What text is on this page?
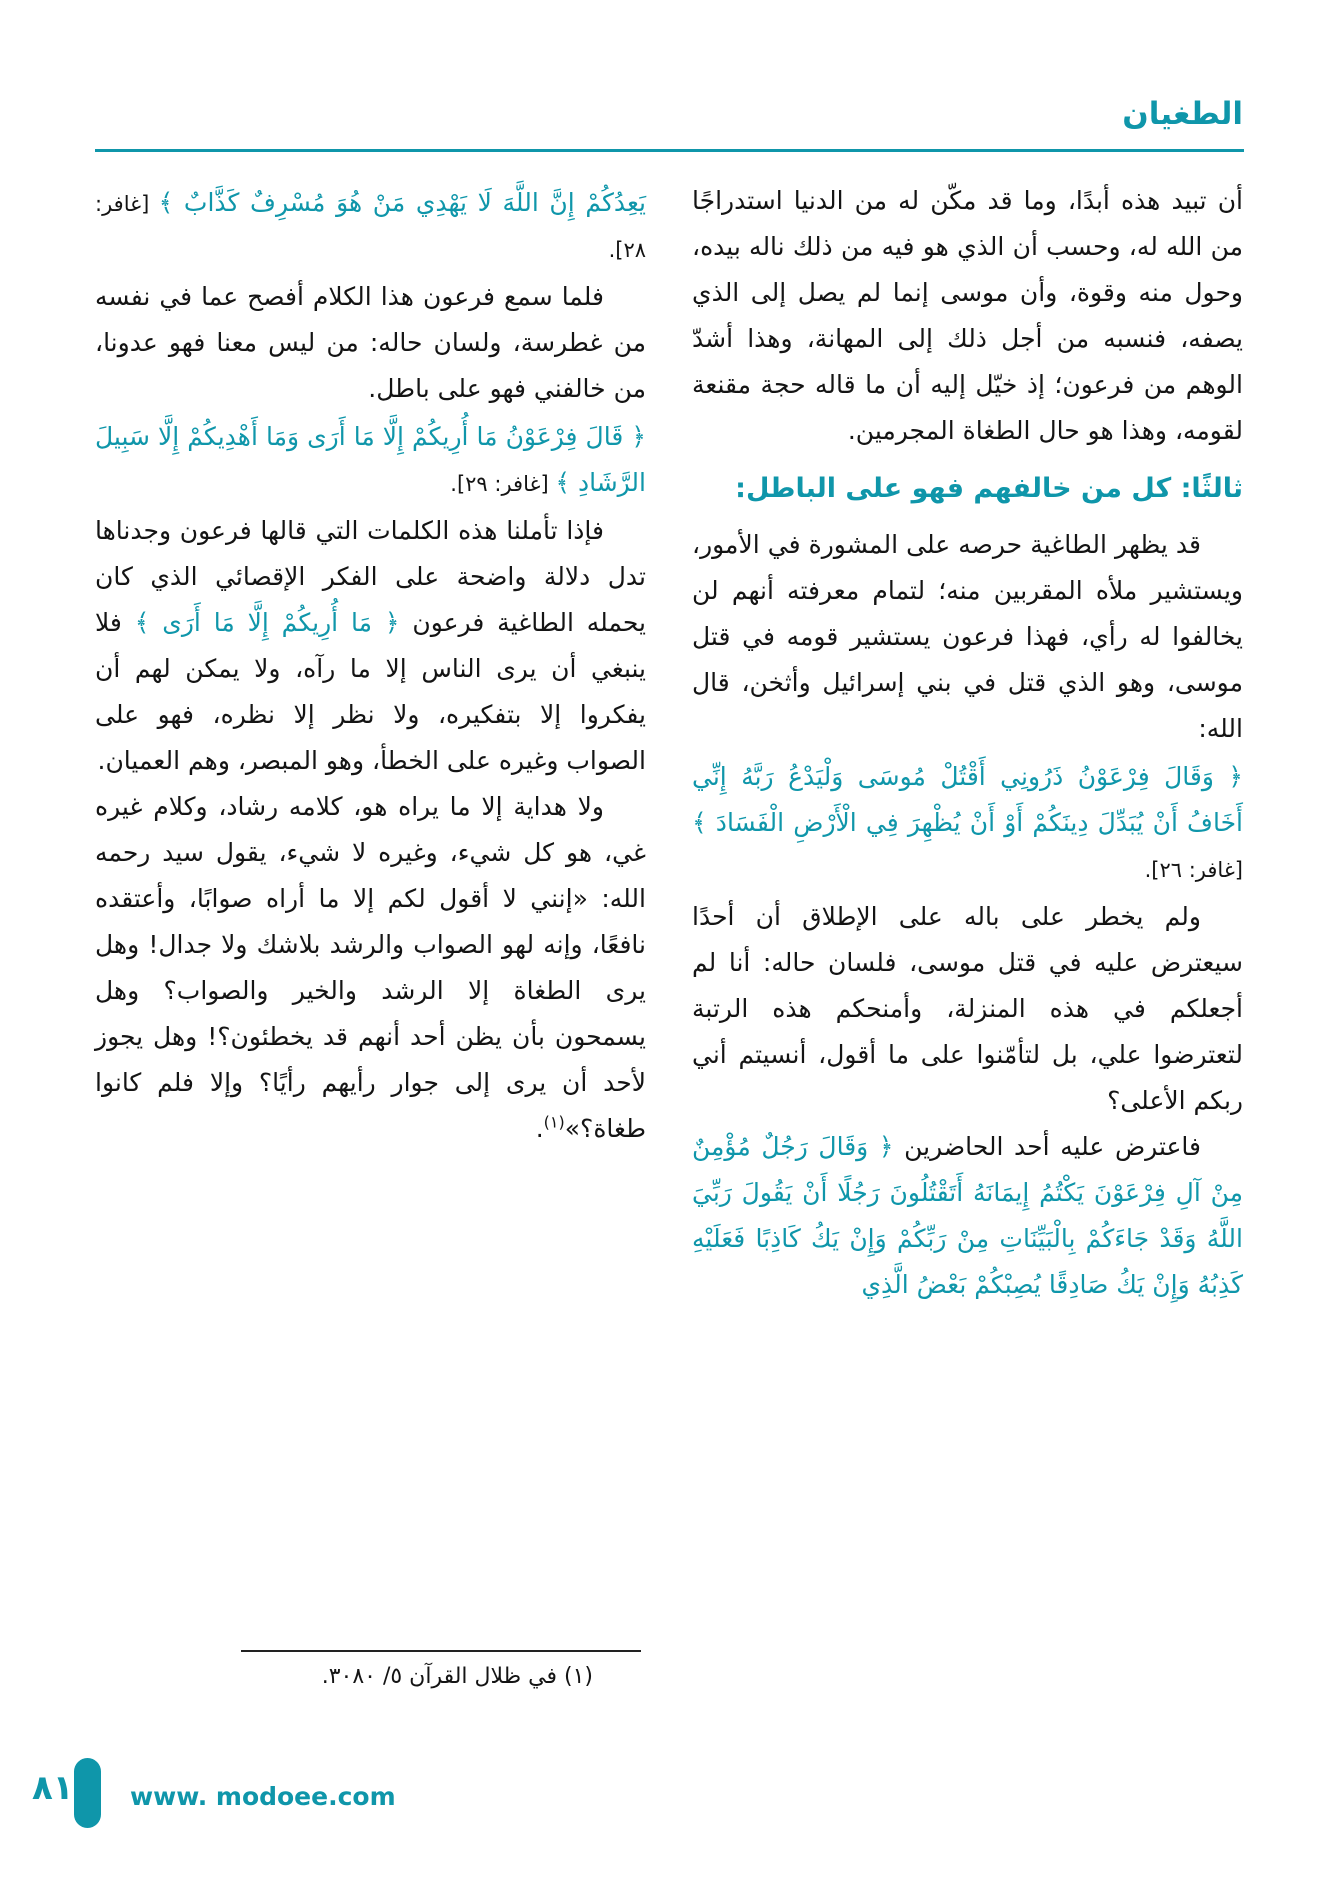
الطغيان

أن تبيد هذه أبدًا، وما قد مكّن له من الدنيا استدراجًا من الله له، وحسب أن الذي هو فيه من ذلك ناله بيده، وحول منه وقوة، وأن موسى إنما لم يصل إلى الذي يصفه، فنسبه من أجل ذلك إلى المهانة، وهذا أشدّ الوهم من فرعون؛ إذ خيّل إليه أن ما قاله حجة مقنعة لقومه، وهذا هو حال الطغاة المجرمين.

ثالثًا: كل من خالفهم فهو على الباطل:

قد يظهر الطاغية حرصه على المشورة في الأمور، ويستشير ملأه المقربين منه؛ لتمام معرفته أنهم لن يخالفوا له رأي، فهذا فرعون يستشير قومه في قتل موسى، وهو الذي قتل في بني إسرائيل وأثخن، قال الله:

﴿ وَقَالَ فِرْعَوْنُ ذَرُونِي أَقْتُلْ مُوسَى وَلْيَدْعُ رَبَّهُ إِنِّي أَخَافُ أَنْ يُبَدِّلَ دِينَكُمْ أَوْ أَنْ يُظْهِرَ فِي الْأَرْضِ الْفَسَادَ ﴾ [غافر: ٢٦].

ولم يخطر على باله على الإطلاق أن أحدًا سيعترض عليه في قتل موسى، فلسان حاله: أنا لم أجعلكم في هذه المنزلة، وأمنحكم هذه الرتبة لتعترضوا علي، بل لتأمّنوا على ما أقول، أنسيتم أني ربكم الأعلى؟

فاعترض عليه أحد الحاضرين ﴿ وَقَالَ رَجُلٌ مُؤْمِنٌ مِنْ آلِ فِرْعَوْنَ يَكْتُمُ إِيمَانَهُ أَتَقْتُلُونَ رَجُلًا أَنْ يَقُولَ رَبِّيَ اللَّهُ وَقَدْ جَاءَكُمْ بِالْبَيِّنَاتِ مِنْ رَبِّكُمْ وَإِنْ يَكُ كَاذِبًا فَعَلَيْهِ كَذِبُهُ وَإِنْ يَكُ صَادِقًا يُصِبْكُمْ بَعْضُ الَّذِي

يَعِدُكُمْ إِنَّ اللَّهَ لَا يَهْدِي مَنْ هُوَ مُسْرِفٌ كَذَّابٌ ﴾ [غافر: ٢٨].

فلما سمع فرعون هذا الكلام أفصح عما في نفسه من غطرسة، ولسان حاله: من ليس معنا فهو عدونا، من خالفني فهو على باطل.

﴿ قَالَ فِرْعَوْنُ مَا أُرِيكُمْ إِلَّا مَا أَرَى وَمَا أَهْدِيكُمْ إِلَّا سَبِيلَ الرَّشَادِ ﴾ [غافر: ٢٩].

فإذا تأملنا هذه الكلمات التي قالها فرعون وجدناها تدل دلالة واضحة على الفكر الإقصائي الذي كان يحمله الطاغية فرعون ﴿ مَا أُرِيكُمْ إِلَّا مَا أَرَى ﴾ فلا ينبغي أن يرى الناس إلا ما رآه، ولا يمكن لهم أن يفكروا إلا بتفكيره، ولا نظر إلا نظره، فهو على الصواب وغيره على الخطأ، وهو المبصر، وهم العميان.

ولا هداية إلا ما يراه هو، كلامه رشاد، وكلام غيره غي، هو كل شيء، وغيره لا شيء، يقول سيد رحمه الله: «إنني لا أقول لكم إلا ما أراه صوابًا، وأعتقده نافعًا، وإنه لهو الصواب والرشد بلاشك ولا جدال! وهل يرى الطغاة إلا الرشد والخير والصواب؟ وهل يسمحون بأن يظن أحد أنهم قد يخطئون؟! وهل يجوز لأحد أن يرى إلى جوار رأيهم رأيًا؟ وإلا فلم كانوا طغاة؟»$^{(١)}$.

(١) في ظلال القرآن ٥/ ٣٠٨٠.
٨١ www. modoee.com
